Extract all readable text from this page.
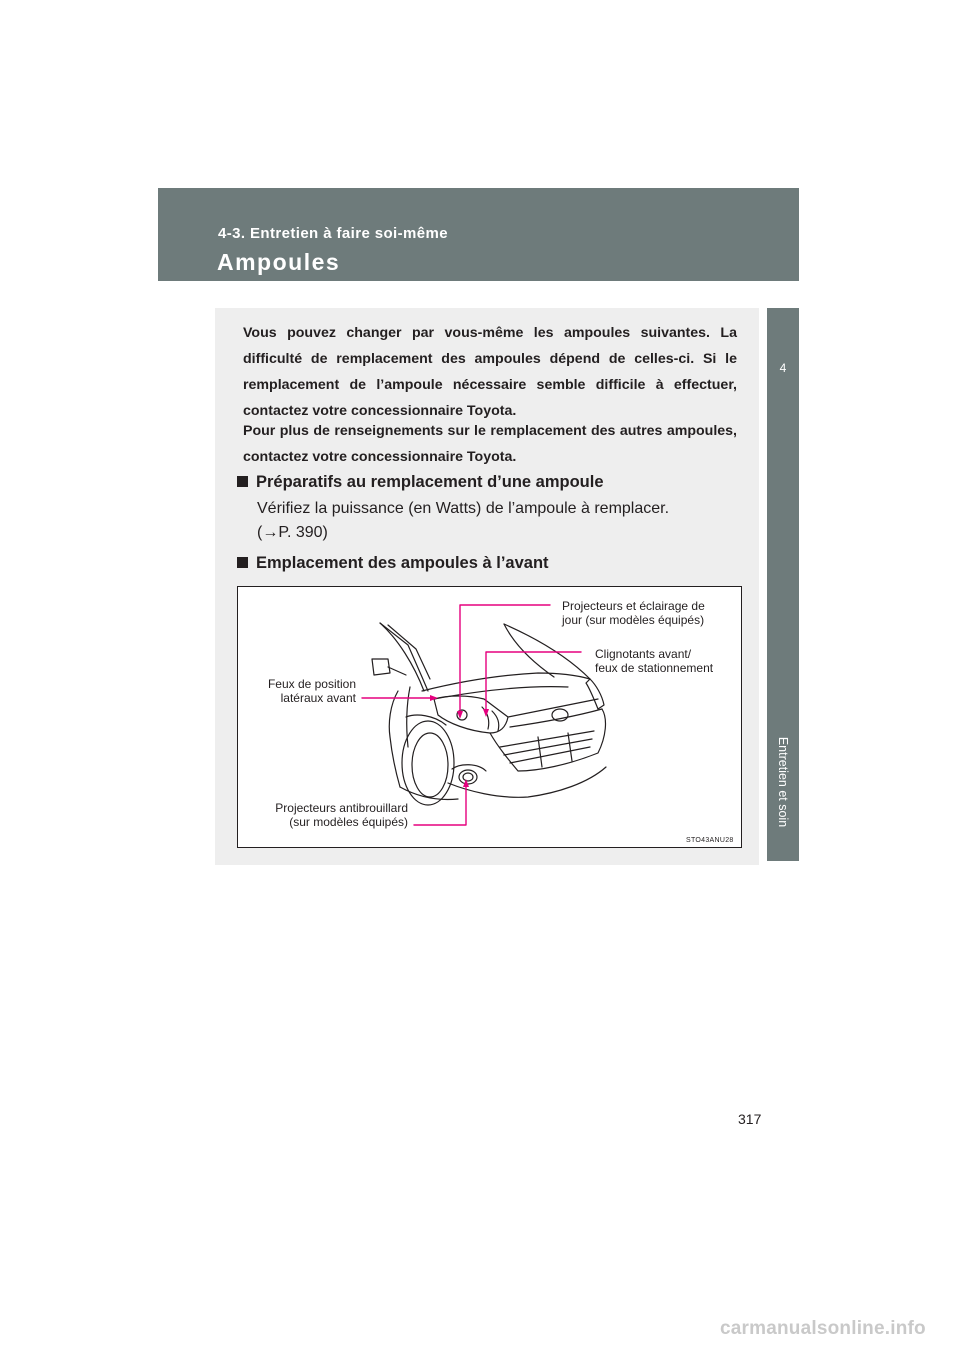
4-3. Entretien à faire soi-même
Ampoules
4
Entretien et soin

Vous pouvez changer par vous-même les ampoules suivantes. La difficulté de remplacement des ampoules dépend de celles-ci. Si le remplacement de l’ampoule nécessaire semble difficile à effectuer, contactez votre concessionnaire Toyota.

Pour plus de renseignements sur le remplacement des autres ampoules, contactez votre concessionnaire Toyota.

Préparatifs au remplacement d’une ampoule
Vérifiez la puissance (en Watts) de l’ampoule à remplacer.
(→P. 390)
Emplacement des ampoules à l’avant
Projecteurs et éclairage de
jour (sur modèles équipés)
Clignotants avant/
feux de stationnement
Feux de position
latéraux avant
Projecteurs antibrouillard
(sur modèles équipés)
STO43ANU28
317
carmanualsonline.info
